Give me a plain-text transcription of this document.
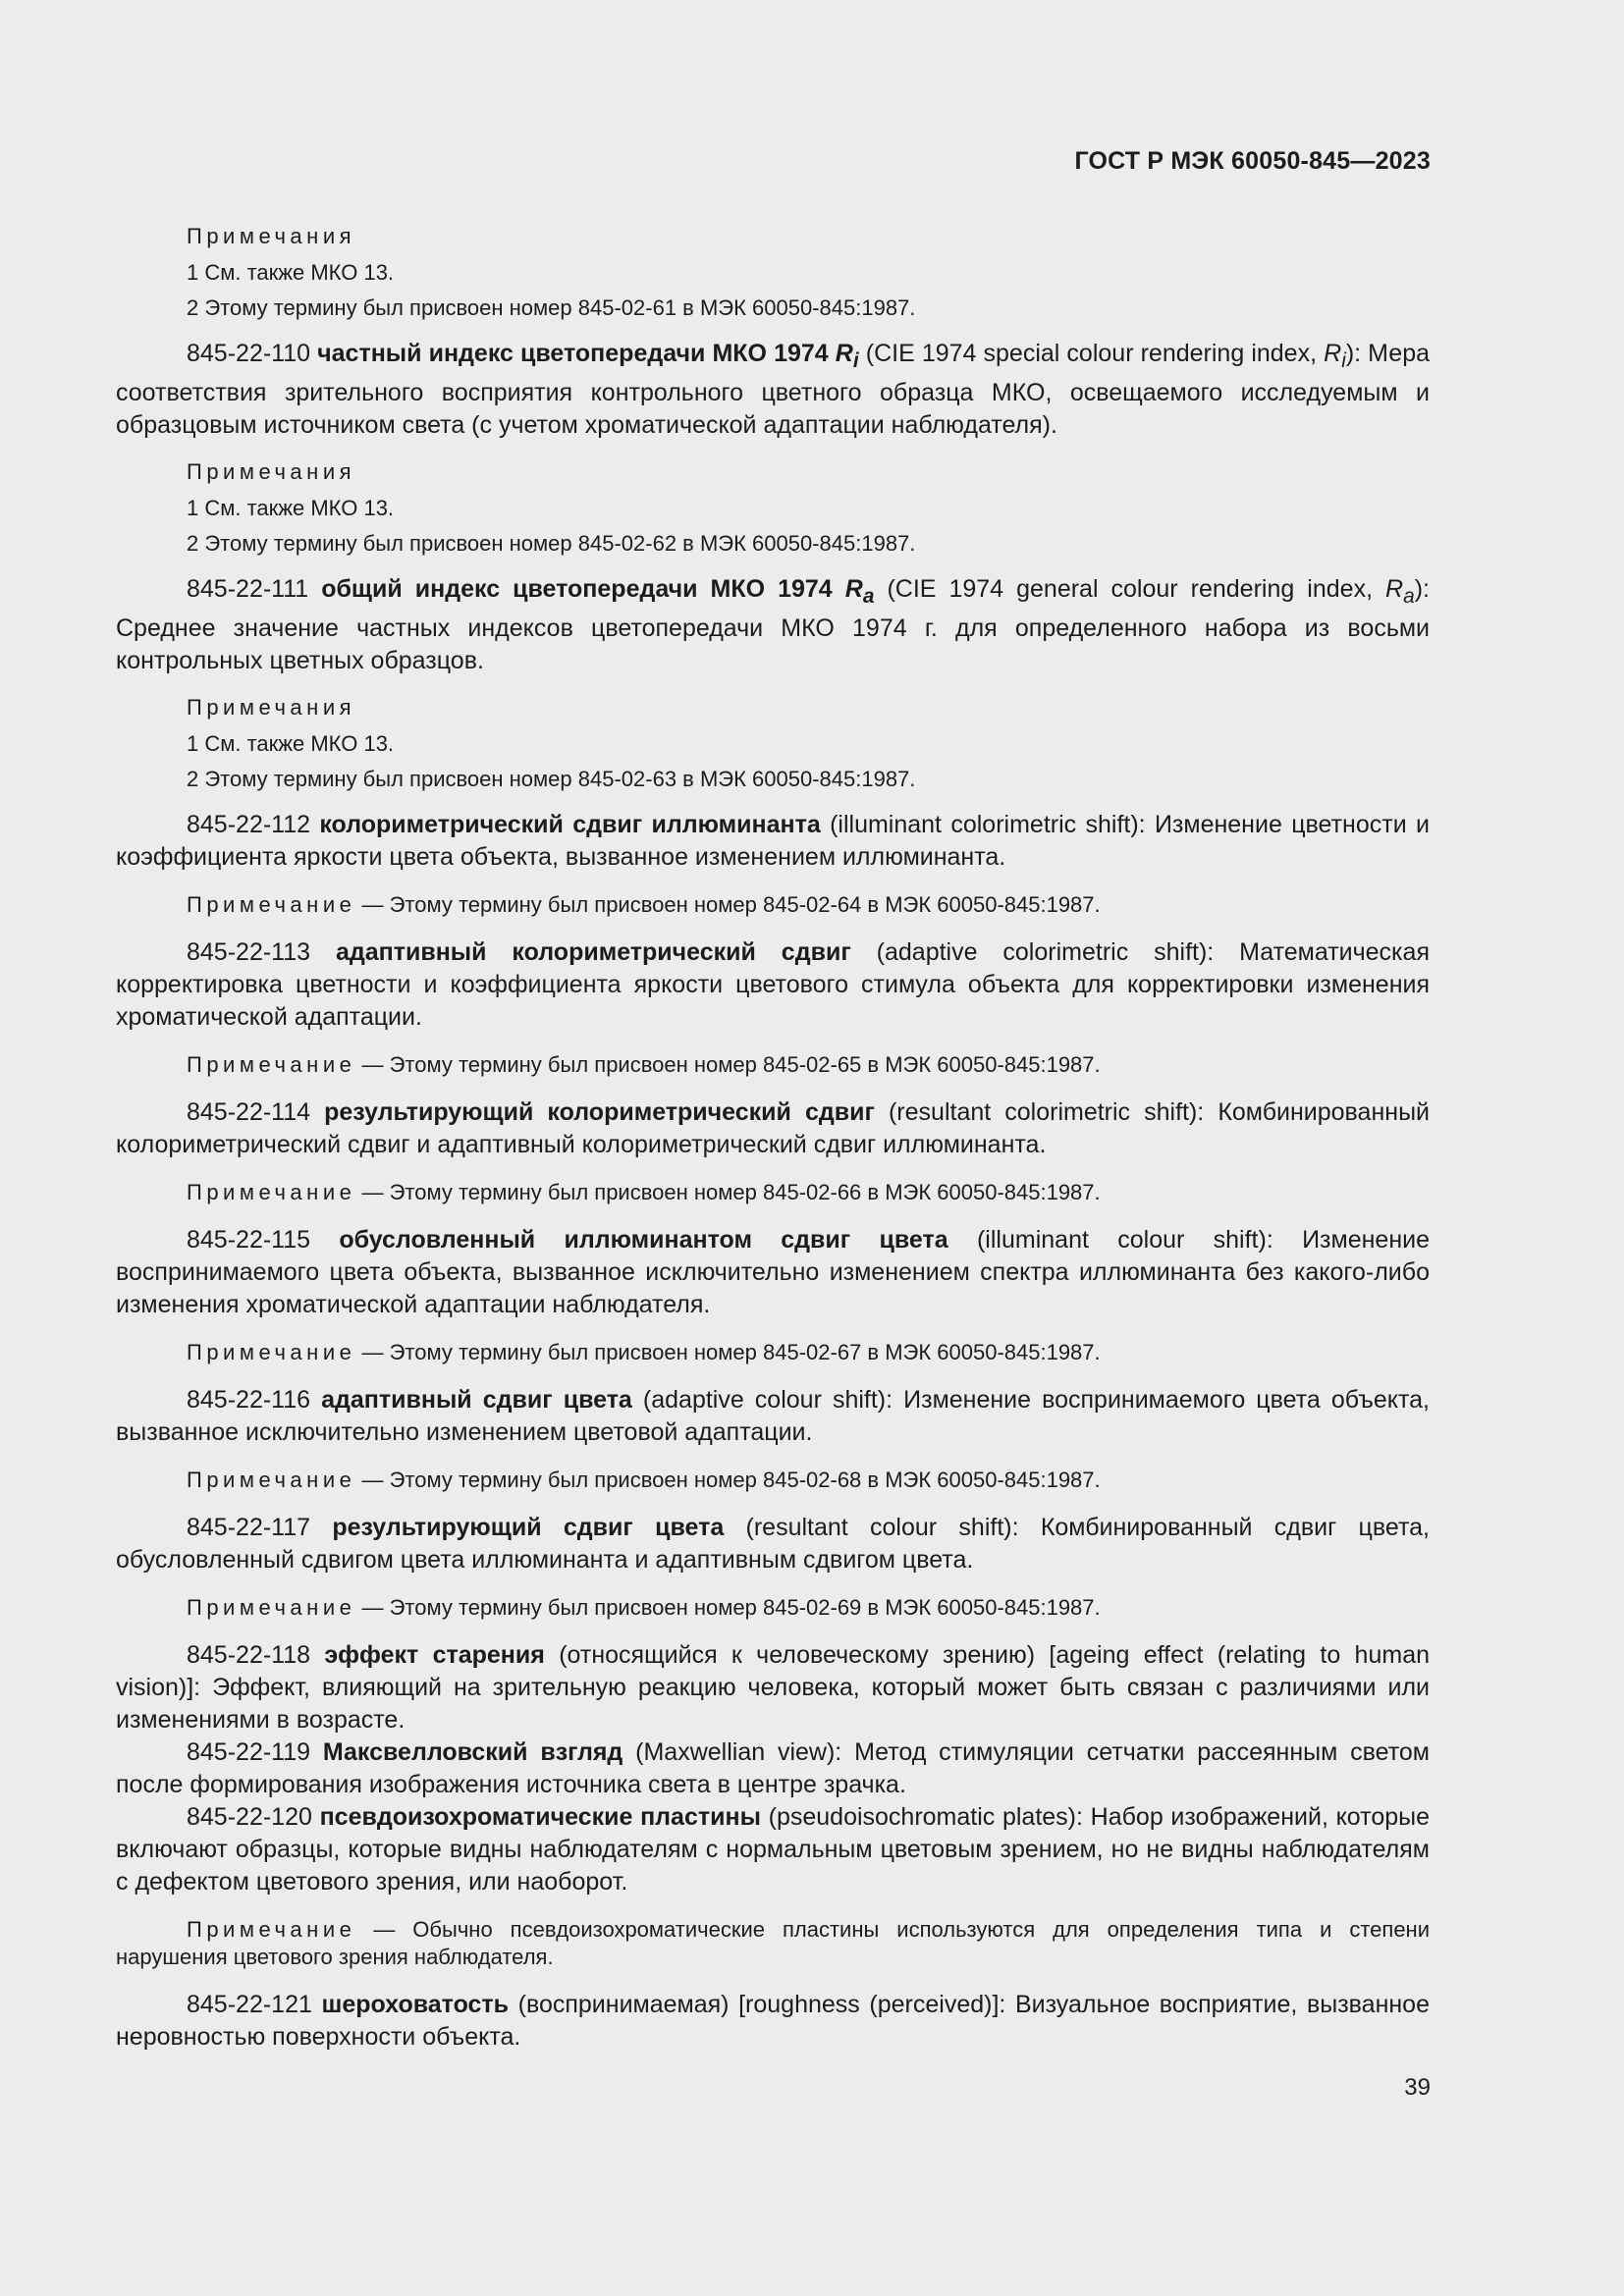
ГОСТ Р МЭК 60050-845—2023

Примечания

1 См. также МКО 13.

2 Этому термину был присвоен номер 845-02-61 в МЭК 60050-845:1987.

845-22-110 частный индекс цветопередачи МКО 1974 $R_i$ (CIE 1974 special colour rendering index, $R_i$): Мера соответствия зрительного восприятия контрольного цветного образца МКО, освещаемого исследуемым и образцовым источником света (с учетом хроматической адаптации наблюдателя).

Примечания

1 См. также МКО 13.

2 Этому термину был присвоен номер 845-02-62 в МЭК 60050-845:1987.

845-22-111 общий индекс цветопередачи МКО 1974 $R_a$ (CIE 1974 general colour rendering index, $R_a$): Среднее значение частных индексов цветопередачи МКО 1974 г. для определенного набора из восьми контрольных цветных образцов.

Примечания

1 См. также МКО 13.

2 Этому термину был присвоен номер 845-02-63 в МЭК 60050-845:1987.

845-22-112 колориметрический сдвиг иллюминанта (illuminant colorimetric shift): Изменение цветности и коэффициента яркости цвета объекта, вызванное изменением иллюминанта.

Примечание — Этому термину был присвоен номер 845-02-64 в МЭК 60050-845:1987.

845-22-113 адаптивный колориметрический сдвиг (adaptive colorimetric shift): Математическая корректировка цветности и коэффициента яркости цветового стимула объекта для корректировки изменения хроматической адаптации.

Примечание — Этому термину был присвоен номер 845-02-65 в МЭК 60050-845:1987.

845-22-114 результирующий колориметрический сдвиг (resultant colorimetric shift): Комбинированный колориметрический сдвиг и адаптивный колориметрический сдвиг иллюминанта.

Примечание — Этому термину был присвоен номер 845-02-66 в МЭК 60050-845:1987.

845-22-115 обусловленный иллюминантом сдвиг цвета (illuminant colour shift): Изменение воспринимаемого цвета объекта, вызванное исключительно изменением спектра иллюминанта без какого-либо изменения хроматической адаптации наблюдателя.

Примечание — Этому термину был присвоен номер 845-02-67 в МЭК 60050-845:1987.

845-22-116 адаптивный сдвиг цвета (adaptive colour shift): Изменение воспринимаемого цвета объекта, вызванное исключительно изменением цветовой адаптации.

Примечание — Этому термину был присвоен номер 845-02-68 в МЭК 60050-845:1987.

845-22-117 результирующий сдвиг цвета (resultant colour shift): Комбинированный сдвиг цвета, обусловленный сдвигом цвета иллюминанта и адаптивным сдвигом цвета.

Примечание — Этому термину был присвоен номер 845-02-69 в МЭК 60050-845:1987.

845-22-118 эффект старения (относящийся к человеческому зрению) [ageing effect (relating to human vision)]: Эффект, влияющий на зрительную реакцию человека, который может быть связан с различиями или изменениями в возрасте.

845-22-119 Максвелловский взгляд (Maxwellian view): Метод стимуляции сетчатки рассеянным светом после формирования изображения источника света в центре зрачка.

845-22-120 псевдоизохроматические пластины (pseudoisochromatic plates): Набор изображений, которые включают образцы, которые видны наблюдателям с нормальным цветовым зрением, но не видны наблюдателям с дефектом цветового зрения, или наоборот.

Примечание — Обычно псевдоизохроматические пластины используются для определения типа и степени нарушения цветового зрения наблюдателя.

845-22-121 шероховатость (воспринимаемая) [roughness (perceived)]: Визуальное восприятие, вызванное неровностью поверхности объекта.

39
